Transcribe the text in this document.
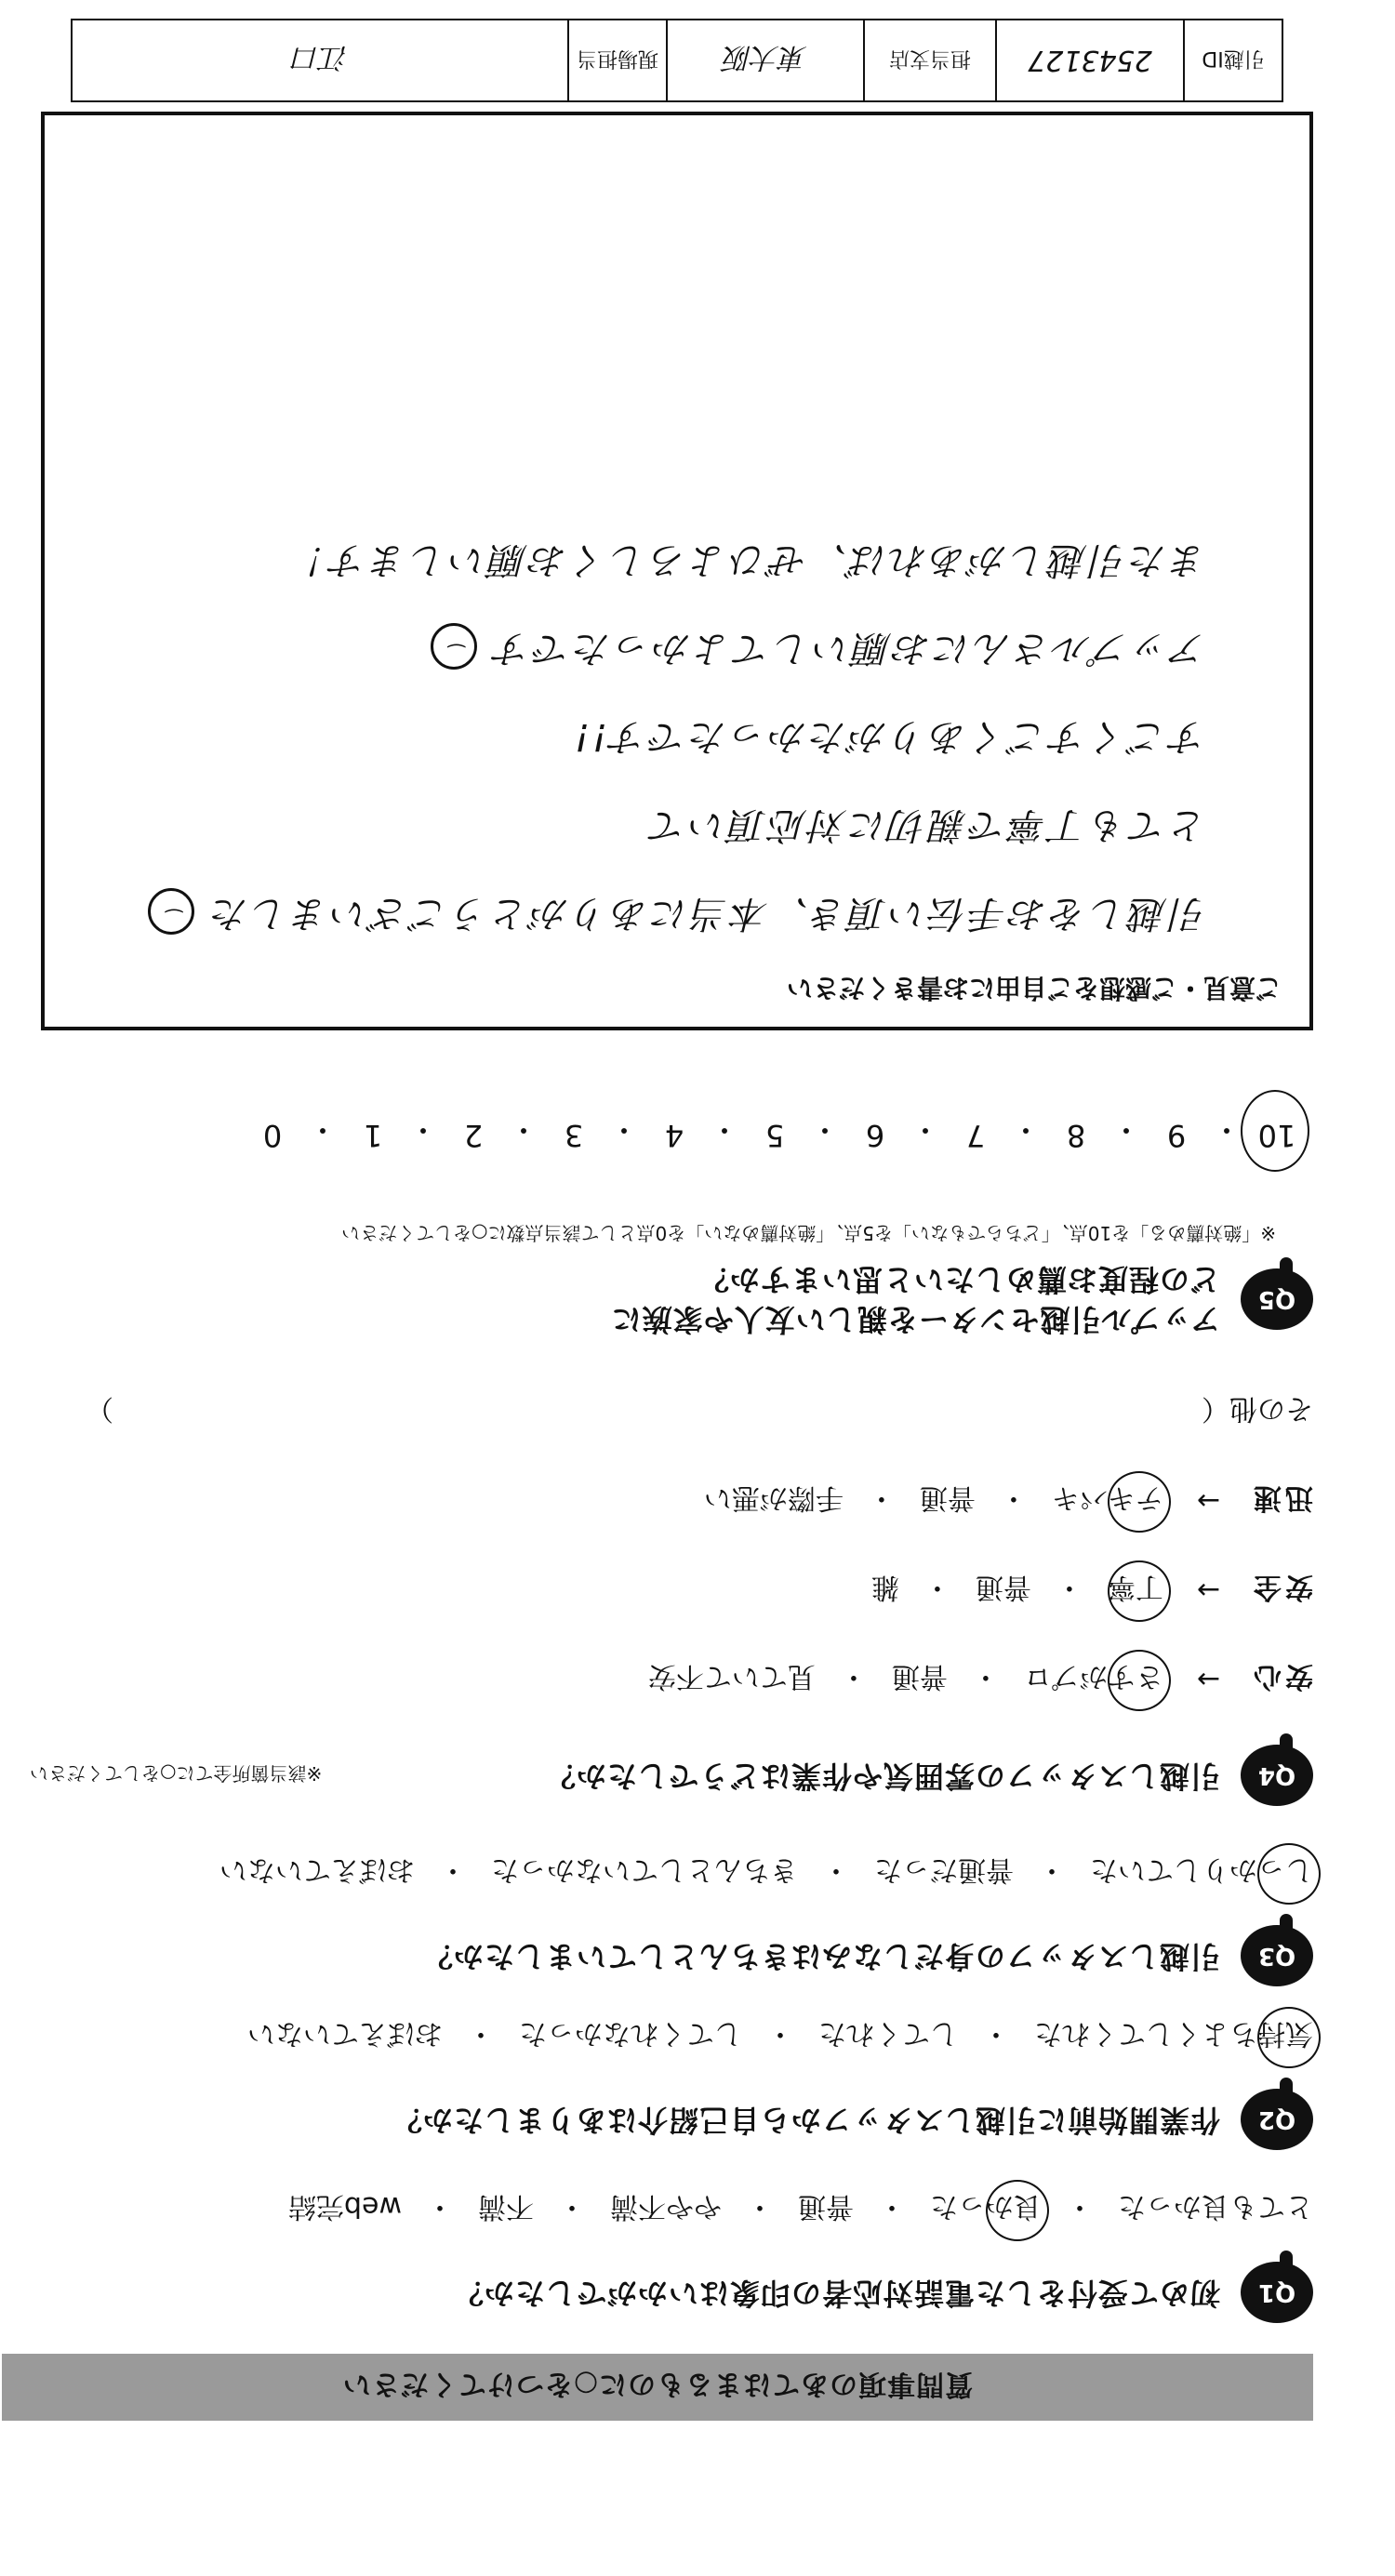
質問事項のあてはまるものに○をつけてください
Q1
初めて受付をした電話対応者の印象はいかがでしたか？
とても良かった
・
良かった
・
普通
・
やや不満
・
不満
・
web完結
Q2
作業開始前に引越しスタッフから自己紹介はありましたか？
気持ちよくしてくれた
・
してくれた
・
してくれなかった
・
おぼえていない
Q3
引越しスタッフの身だしなみはきちんとしていましたか？
しっかりしていた
・
普通だった
・
きちんとしていなかった
・
おぼえていない
Q4
引越しスタッフの雰囲気や作業はどうでしたか？
※該当箇所全てに○をしてください
安心
→
さすがプロ
・
普通
・
見ていて不安
安全
→
丁寧
・
普通
・
雑
迅速
→
テキパキ
・
普通
・
手際が悪い
その他（
）
Q5
アップル引越センターを親しい友人や家族に
どの程度お薦めしたいと思いますか？
※「絶対薦める」を10点、「どちらでもない」を5点、「絶対薦めない」を0点として該当点数に○をしてください
10
・
9
・
8
・
7
・
6
・
5
・
4
・
3
・
2
・
1
・
0
ご意見・ご感想をご自由にお書きください
引越しをお手伝い頂き、本当にありがとうございました ‿
とても丁寧で親切に対応頂いて
すごくすごくありがたかったです!!
アップルさんにお願いしてよかったです ‿
また引越しがあれば、ぜひよろしくお願いします！
引越ID
2543127
担当支店
東大阪
現場担当
江口
